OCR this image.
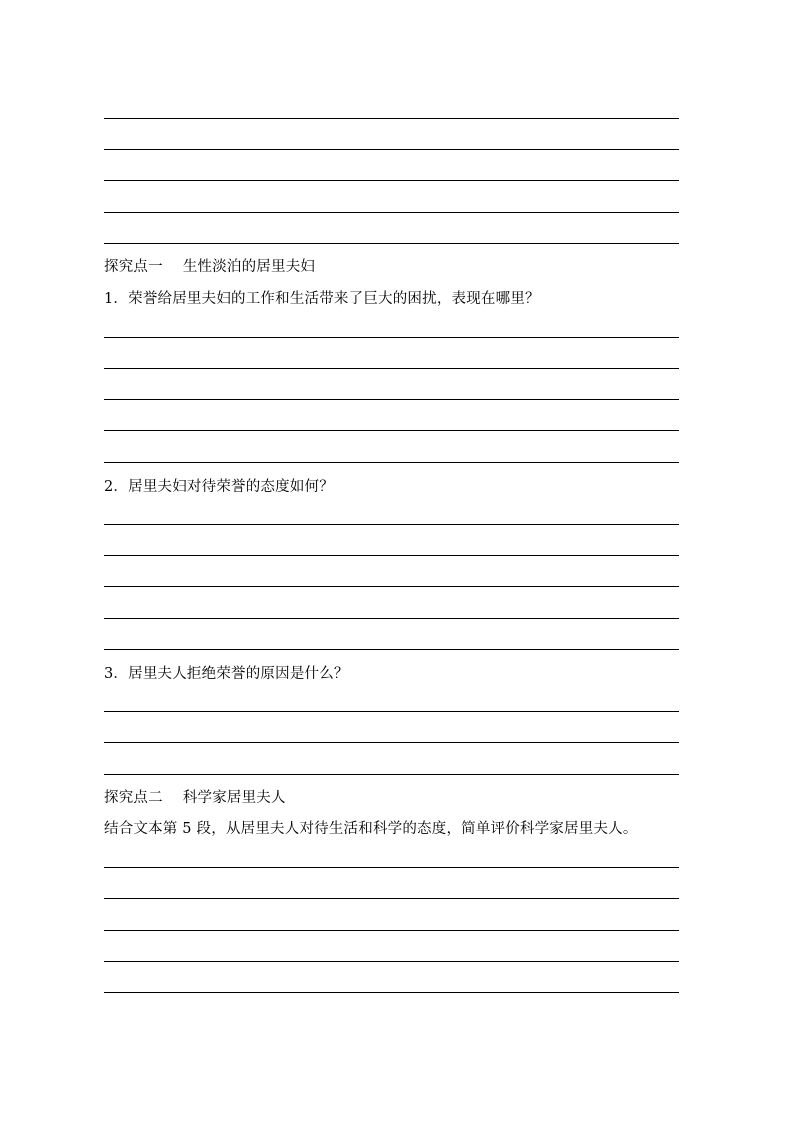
探究点一 生性淡泊的居里夫妇
1．荣誉给居里夫妇的工作和生活带来了巨大的困扰，表现在哪里？
2．居里夫妇对待荣誉的态度如何？
3．居里夫人拒绝荣誉的原因是什么？
探究点二 科学家居里夫人
结合文本第 5 段，从居里夫人对待生活和科学的态度，简单评价科学家居里夫人。
